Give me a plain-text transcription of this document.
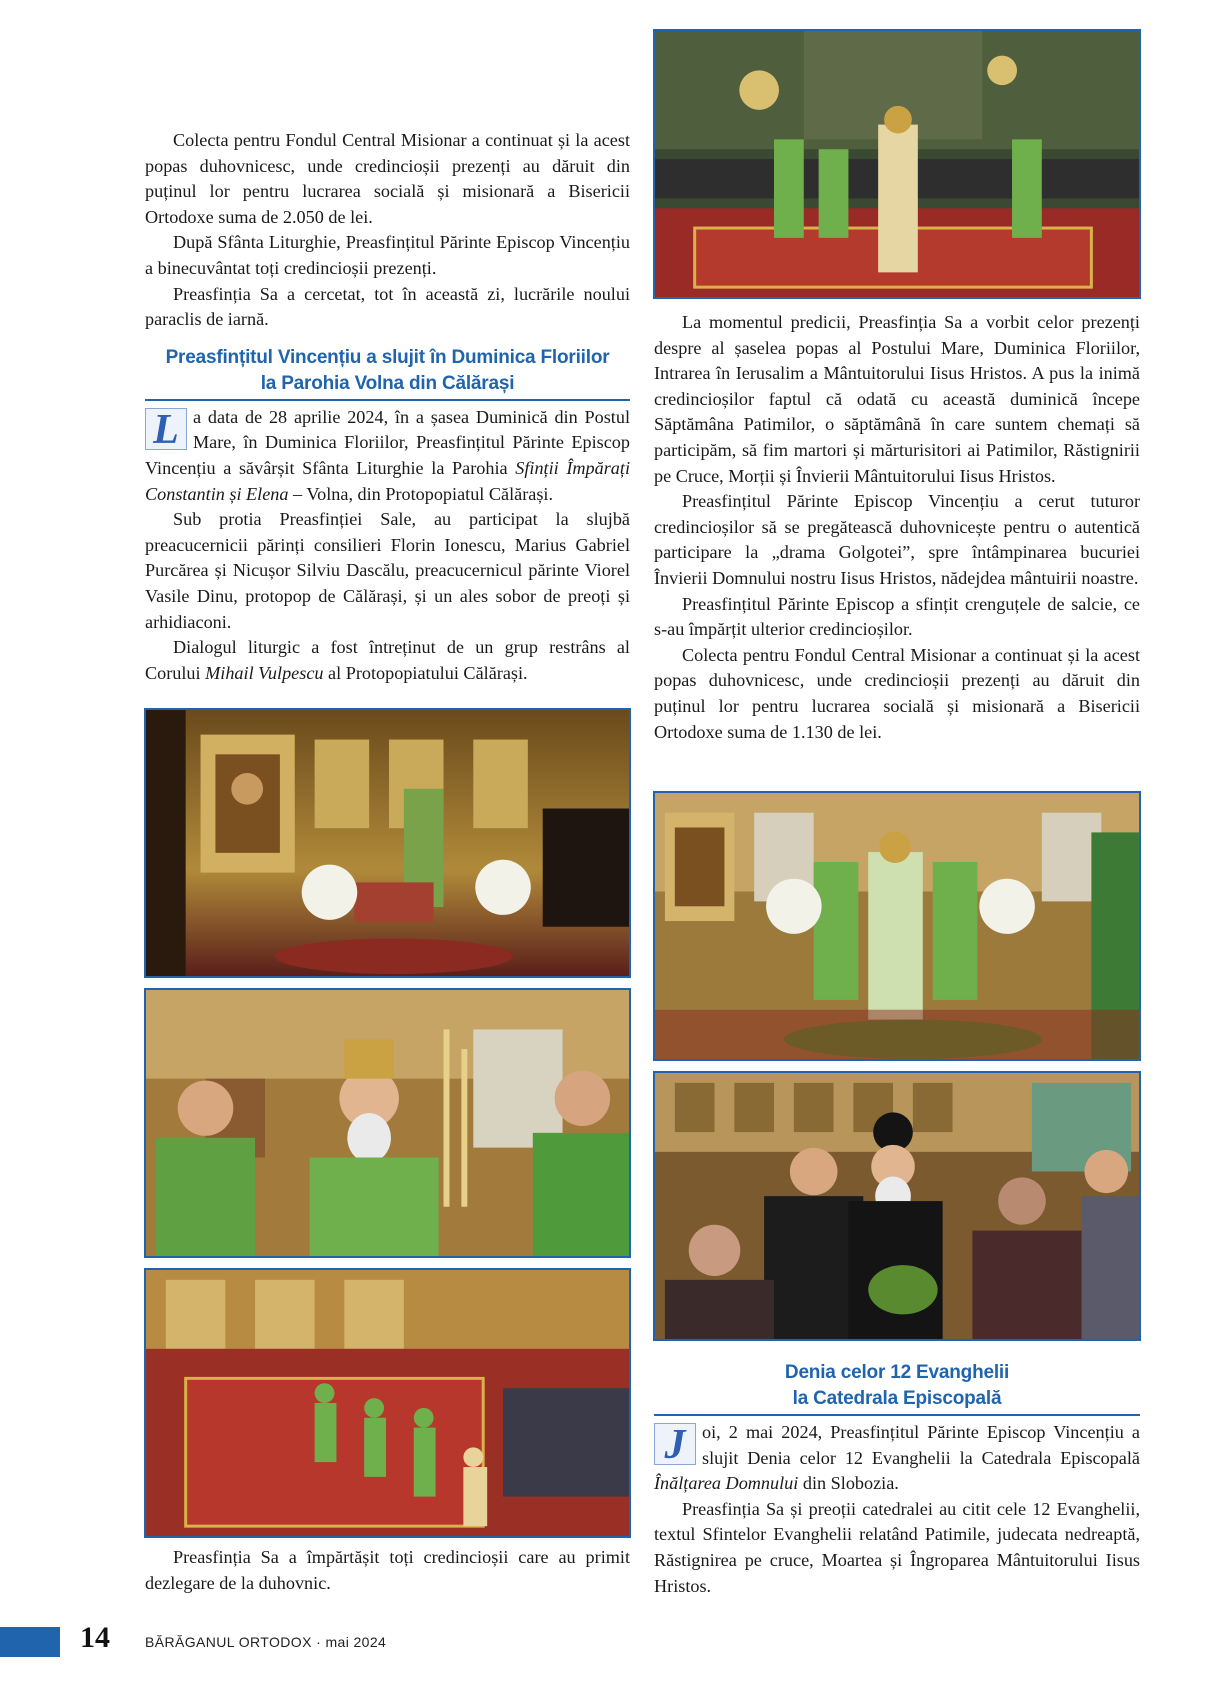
Colecta pentru Fondul Central Misionar a continuat și la acest popas duhovnicesc, unde credincioșii prezenți au dăruit din puținul lor pentru lucrarea socială și misionară a Bisericii Ortodoxe suma de 2.050 de lei.

După Sfânta Liturghie, Preasfințitul Părinte Episcop Vincențiu a binecuvântat toți credincioșii prezenți.

Preasfinția Sa a cercetat, tot în această zi, lucrările noului paraclis de iarnă.

Preasfințitul Vincențiu a slujit în Duminica Floriilor
la Parohia Volna din Călărași

L a data de 28 aprilie 2024, în a șasea Duminică din Postul Mare, în Duminica Floriilor, Preasfințitul Părinte Episcop Vincențiu a săvârșit Sfânta Liturghie la Parohia Sfinții Împărați Constantin și Elena – Volna, din Protopopiatul Călărași.

Sub protia Preasfinției Sale, au participat la slujbă preacucernicii părinți consilieri Florin Ionescu, Marius Gabriel Purcărea și Nicușor Silviu Dascălu, preacucernicul părinte Viorel Vasile Dinu, protopop de Călărași, și un ales sobor de preoți și arhidiaconi.

Dialogul liturgic a fost întreținut de un grup restrâns al Corului Mihail Vulpescu al Protopopiatului Călărași.

Preasfinția Sa a împărtășit toți credincioșii care au primit dezlegare de la duhovnic.

La momentul predicii, Preasfinția Sa a vorbit celor prezenți despre al șaselea popas al Postului Mare, Duminica Floriilor, Intrarea în Ierusalim a Mântuitorului Iisus Hristos. A pus la inimă credincioșilor faptul că odată cu această duminică începe Săptămâna Patimilor, o săptămână în care suntem chemați să participăm, să fim martori și mărturisitori ai Patimilor, Răstignirii pe Cruce, Morții și Învierii Mântuitorului Iisus Hristos.

Preasfințitul Părinte Episcop Vincențiu a cerut tuturor credincioșilor să se pregătească duhovnicește pentru o autentică participare la „drama Golgotei”, spre întâmpinarea bucuriei Învierii Domnului nostru Iisus Hristos, nădejdea mântuirii noastre.

Preasfințitul Părinte Episcop a sfințit crenguțele de salcie, ce s-au împărțit ulterior credincioșilor.

Colecta pentru Fondul Central Misionar a continuat și la acest popas duhovnicesc, unde credincioșii prezenți au dăruit din puținul lor pentru lucrarea socială și misionară a Bisericii Ortodoxe suma de 1.130 de lei.

Denia celor 12 Evanghelii
la Catedrala Episcopală

J oi, 2 mai 2024, Preasfințitul Părinte Episcop Vincențiu a slujit Denia celor 12 Evanghelii la Catedrala Episcopală Înălțarea Domnului din Slobozia.

Preasfinția Sa și preoții catedralei au citit cele 12 Evanghelii, textul Sfintelor Evanghelii relatând Patimile, judecata nedreaptă, Răstignirea pe cruce, Moartea și Îngroparea Mântuitorului Iisus Hristos.

14	BĂRĂGANUL ORTODOX · mai 2024
